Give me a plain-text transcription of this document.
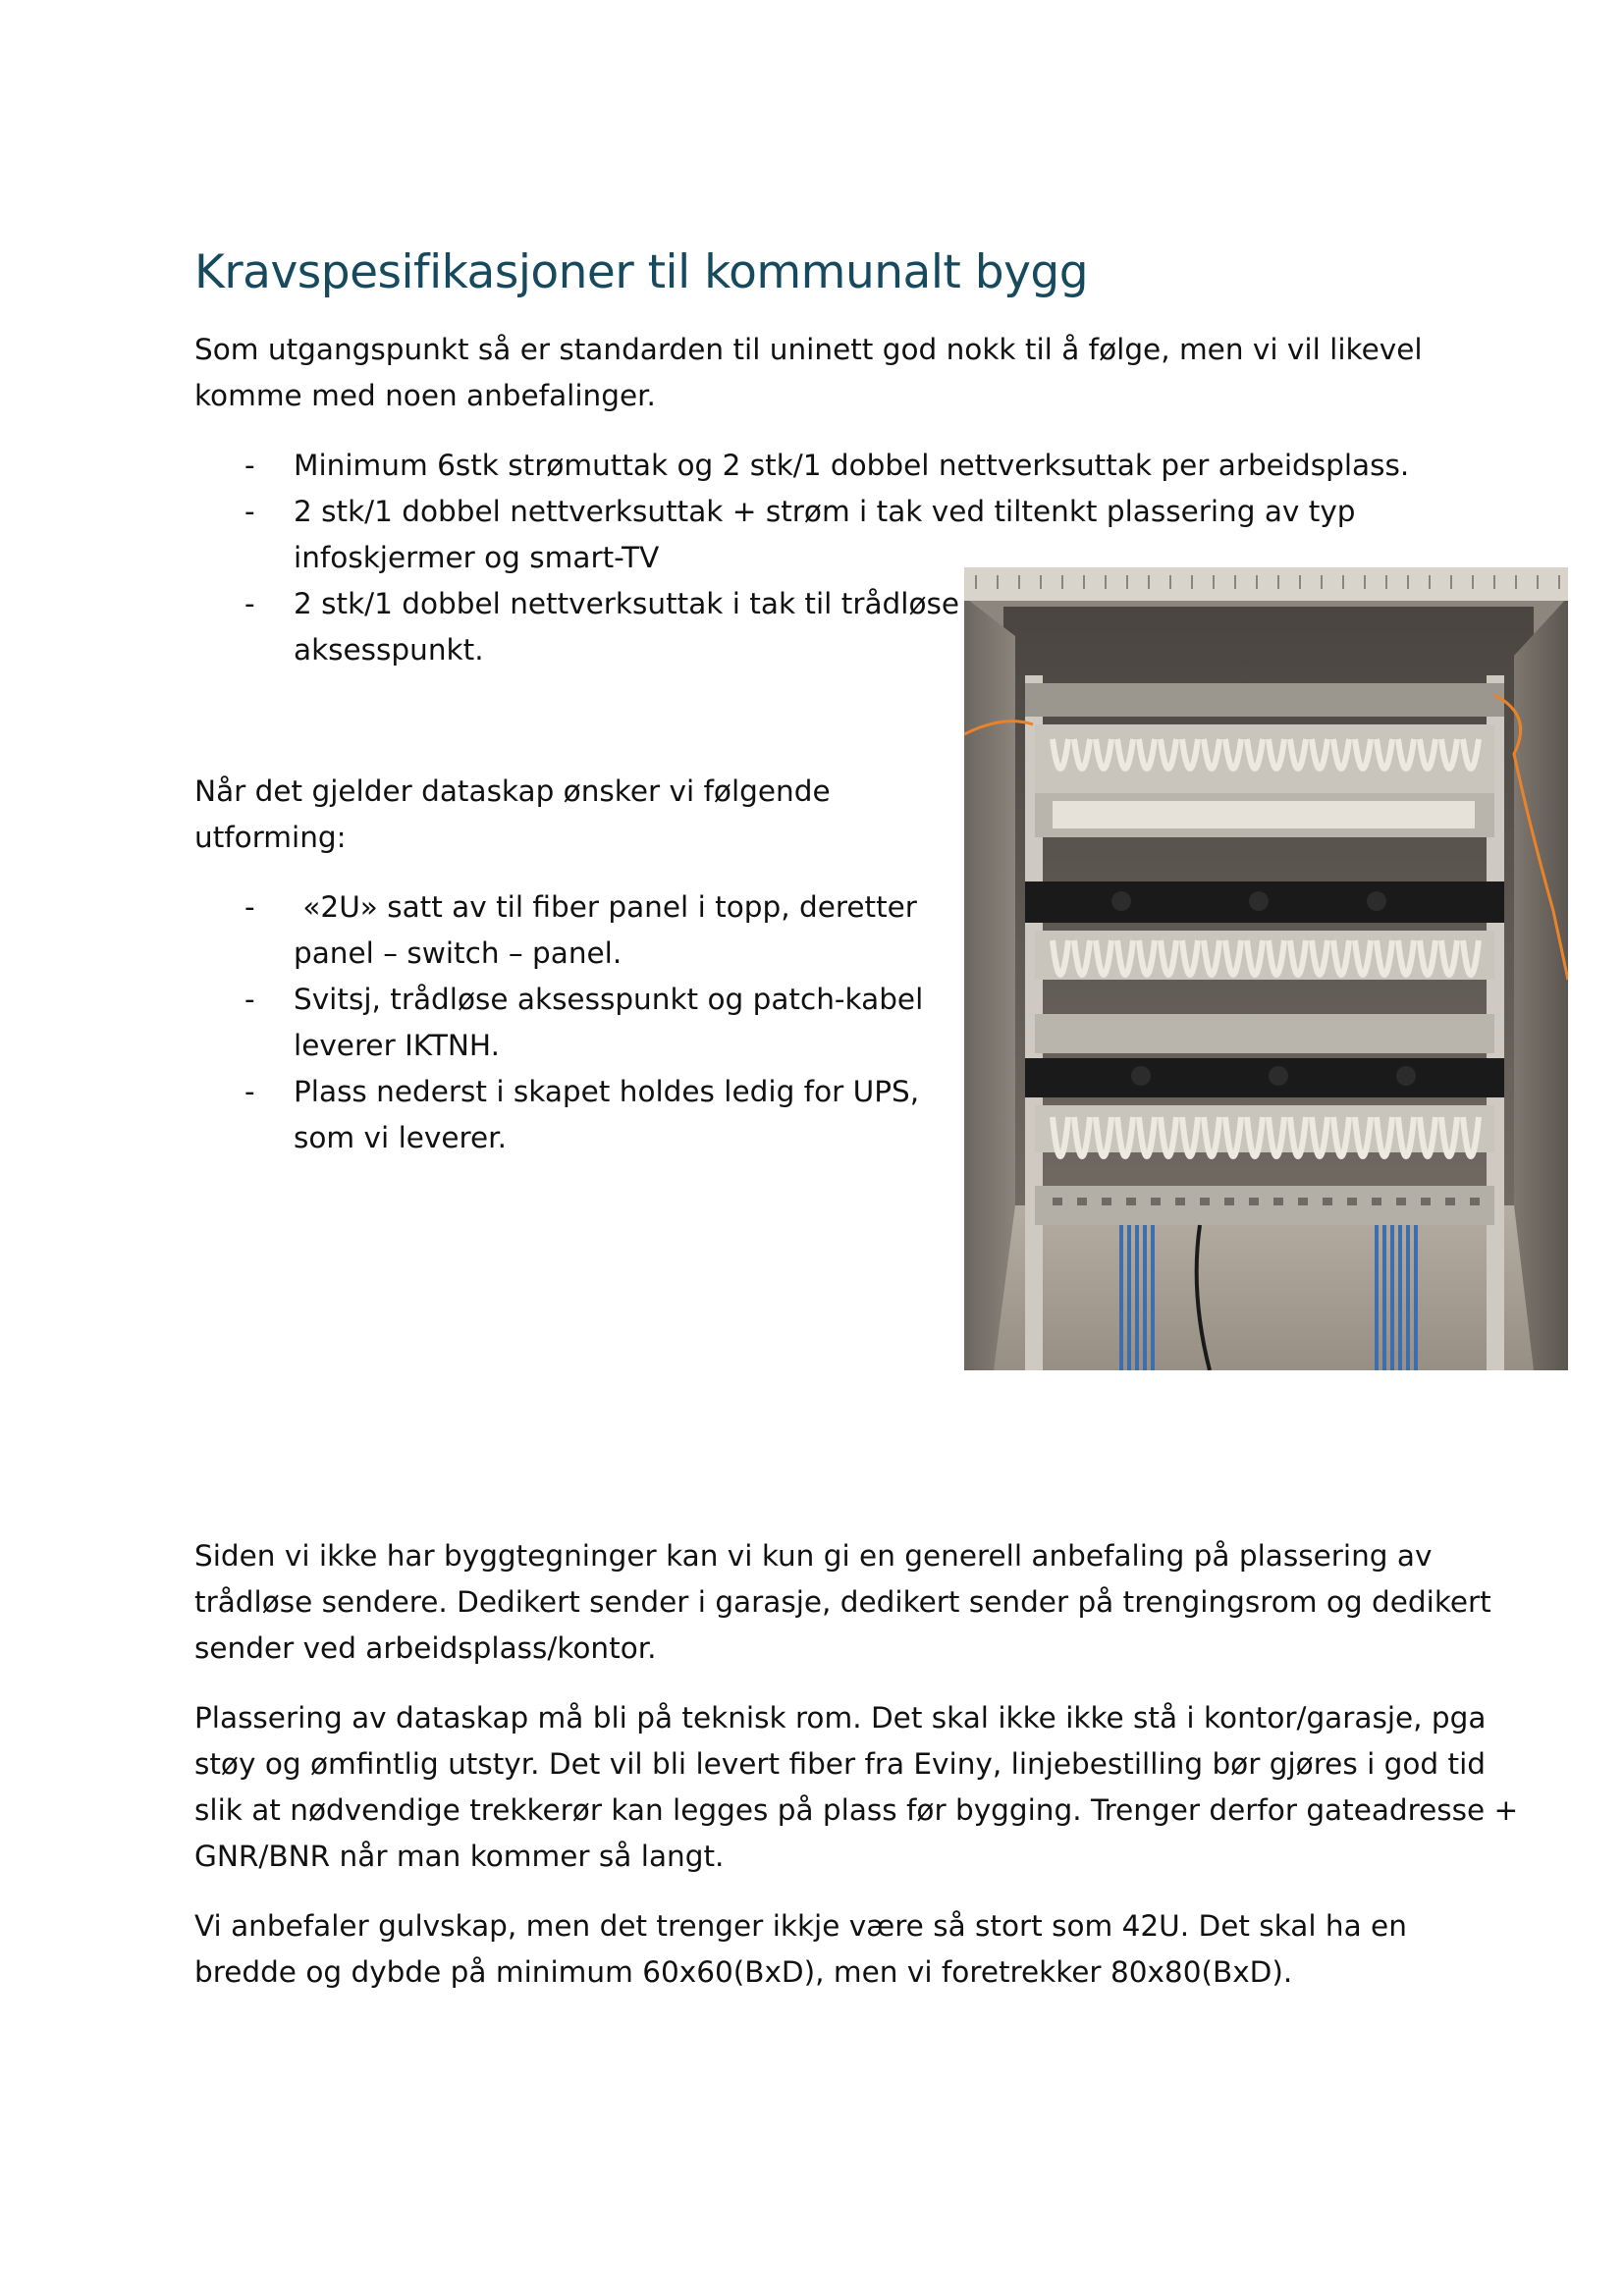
Kravspesifikasjoner til kommunalt bygg

Som utgangspunkt så er standarden til uninett god nokk til å følge, men vi vil likevel
komme med noen anbefalinger.

- Minimum 6stk strømuttak og 2 stk/1 dobbel nettverksuttak per arbeidsplass.
- 2 stk/1 dobbel nettverksuttak + strøm i tak ved tiltenkt plassering av typ
infoskjermer og smart-TV
- 2 stk/1 dobbel nettverksuttak i tak til trådløse
aksesspunkt.

Når det gjelder dataskap ønsker vi følgende
utforming:

- «2U» satt av til fiber panel i topp, deretter
panel – switch – panel.
- Svitsj, trådløse aksesspunkt og patch-kabel
leverer IKTNH.
- Plass nederst i skapet holdes ledig for UPS,
som vi leverer.

Siden vi ikke har byggtegninger kan vi kun gi en generell anbefaling på plassering av
trådløse sendere. Dedikert sender i garasje, dedikert sender på trengingsrom og dedikert
sender ved arbeidsplass/kontor.

Plassering av dataskap må bli på teknisk rom. Det skal ikke ikke stå i kontor/garasje, pga
støy og ømfintlig utstyr. Det vil bli levert fiber fra Eviny, linjebestilling bør gjøres i god tid
slik at nødvendige trekkerør kan legges på plass før bygging. Trenger derfor gateadresse +
GNR/BNR når man kommer så langt.

Vi anbefaler gulvskap, men det trenger ikkje være så stort som 42U. Det skal ha en
bredde og dybde på minimum 60x60(BxD), men vi foretrekker 80x80(BxD).
